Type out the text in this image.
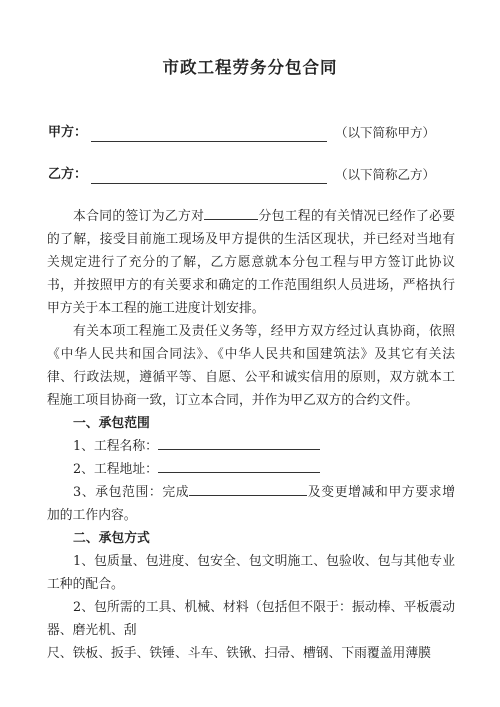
市政工程劳务分包合同
甲方：	（以下简称甲方）
乙方：	（以下简称乙方）
本合同的签订为乙方对	分包工程的有关情况已经作了必要的了解，接受目前施工现场及甲方提供的生活区现状，并已经对当地有关规定进行了充分的了解，乙方愿意就本分包工程与甲方签订此协议书，并按照甲方的有关要求和确定的工作范围组织人员进场，严格执行甲方关于本工程的施工进度计划安排。
有关本项工程施工及责任义务等，经甲方双方经过认真协商，依照《中华人民共和国合同法》、《中华人民共和国建筑法》及其它有关法律、行政法规，遵循平等、自愿、公平和诚实信用的原则，双方就本工程施工项目协商一致，订立本合同，并作为甲乙双方的合约文件。
一、承包范围
1、工程名称：
2、工程地址：
3、承包范围：完成	及变更增减和甲方要求增加的工作内容。
二、承包方式
1、包质量、包进度、包安全、包文明施工、包验收、包与其他专业工种的配合。
2、包所需的工具、机械、材料（包括但不限于：振动棒、平板震动器、磨光机、刮
尺、铁板、扳手、铁锤、斗车、铁锹、扫帚、槽钢、下雨覆盖用薄膜
